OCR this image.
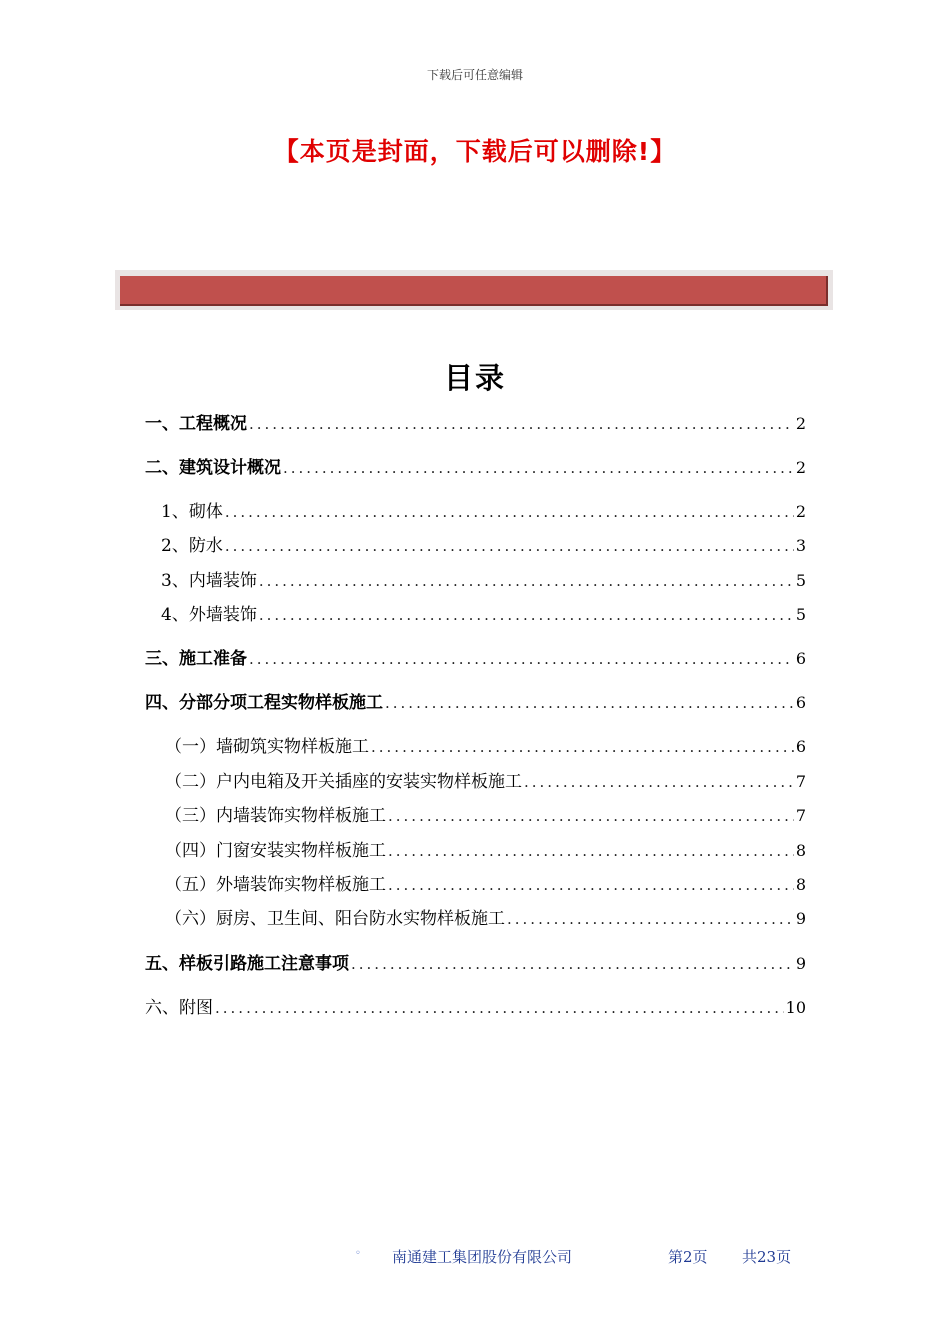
下载后可任意编辑
【本页是封面，下载后可以删除!】
目录
一、工程概况 .....	2
二、建筑设计概况 .....	2
1、砌体 .....	2
2、防水 .....	3
3、内墙装饰 .....	5
4、外墙装饰 .....	5
三、施工准备 .....	6
四、分部分项工程实物样板施工 .....	6
（一）墙砌筑实物样板施工 .....	6
（二）户内电箱及开关插座的安装实物样板施工 .....	7
（三）内墙装饰实物样板施工 .....	7
（四）门窗安装实物样板施工 .....	8
（五）外墙装饰实物样板施工 .....	8
（六）厨房、卫生间、阳台防水实物样板施工 .....	9
五、样板引路施工注意事项 .....	9
六、附图 .....	10
◦ 南通建工集团股份有限公司	第2页 共23页
